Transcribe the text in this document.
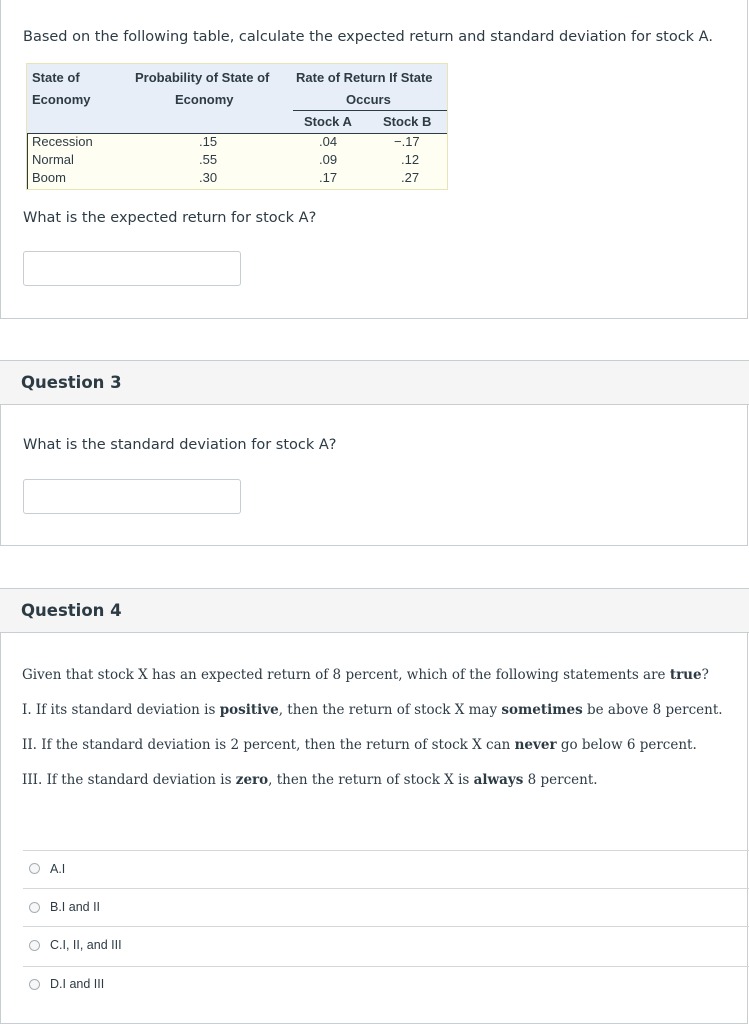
Based on the following table, calculate the expected return and standard deviation for stock A.
State of
Economy
Probability of State of
Economy
Rate of Return If State
Occurs
Stock A Stock B
Recession	.15	.04	−.17
Normal	.55	.09	.12
Boom	.30	.17	.27
What is the expected return for stock A?
Question 3
What is the standard deviation for stock A?
Question 4
Given that stock X has an expected return of 8 percent, which of the following statements are true?
I. If its standard deviation is positive, then the return of stock X may sometimes be above 8 percent.
II. If the standard deviation is 2 percent, then the return of stock X can never go below 6 percent.
III. If the standard deviation is zero, then the return of stock X is always 8 percent.
A.I
B.I and II
C.I, II, and III
D.I and III
